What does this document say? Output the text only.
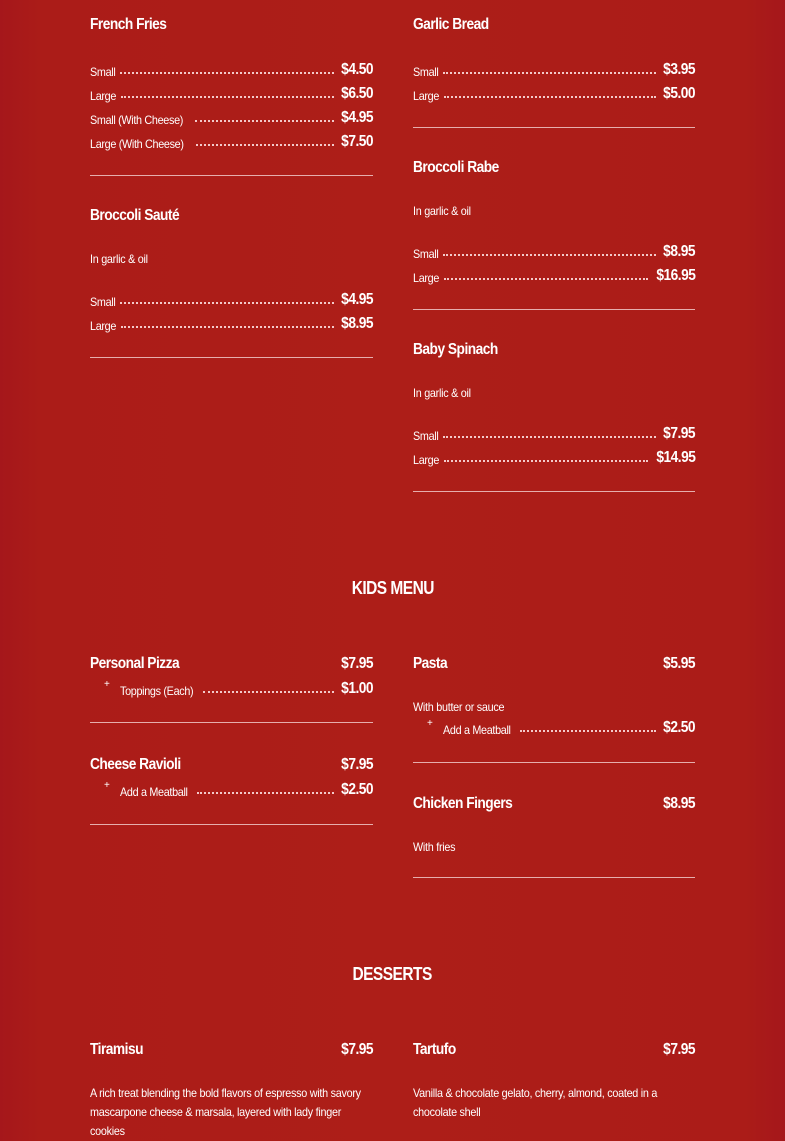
French Fries
Small	$4.50
Large	$6.50
Small (With Cheese)	$4.95
Large (With Cheese)	$7.50
Broccoli Sauté
In garlic & oil
Small	$4.95
Large	$8.95
Garlic Bread
Small	$3.95
Large	$5.00
Broccoli Rabe
In garlic & oil
Small	$8.95
Large	$16.95
Baby Spinach
In garlic & oil
Small	$7.95
Large	$14.95
KIDS MENU
Personal Pizza	$7.95
+ Toppings (Each)	$1.00
Cheese Ravioli	$7.95
+ Add a Meatball	$2.50
Pasta	$5.95
With butter or sauce
+ Add a Meatball	$2.50
Chicken Fingers	$8.95
With fries
DESSERTS
Tiramisu	$7.95
A rich treat blending the bold flavors of espresso with savory mascarpone cheese & marsala, layered with lady finger cookies
Tartufo	$7.95
Vanilla & chocolate gelato, cherry, almond, coated in a chocolate shell
